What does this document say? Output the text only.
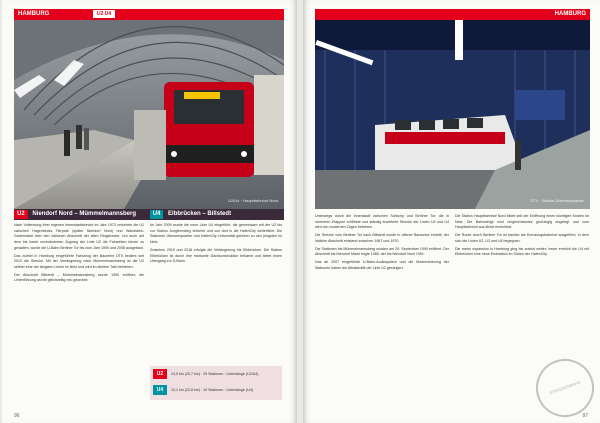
HAMBURG	U2 U4
U2/U4 · Hauptbahnhof Nord
U2 Niendorf Nord – Mümmelmannsberg	U4 Elbbrücken – Billstedt

Nach Vollendung ihrer eigenen Innenstadtstrecke im Jahr 1973 verkehrte die U2 zwischen Hagenbecks Tierpark (später Niendorf Nord) und Wandsbek-Gartenstadt über den östlichen Abschnitt der alten Ringstrecke. Um auch auf dem bis heute unveränderten Zugweg der Linie U2 die Fahrzeiten kürzer zu gestalten, wurde die U-Bahn Berliner Tor bis zum Jahr 1990 und 2008 ausgebaut.

Das zuletzt in Hamburg eingeführte Fahrzeug der Baureihe DT5 bedient seit 2012 die Strecke. Mit der Verlängerung nach Mümmelmannsberg ist die U2 seither eine der längsten Linien im Netz und wird im dichten Takt betrieben.

Der Abschnitt Billstedt – Mümmelmannsberg wurde 1990 eröffnet; die Linienführung wurde gleichzeitig neu geordnet.

Im Jahr 2009 wurde die neue Linie U4 eingeführt, die gemeinsam mit der U2 bis zur Station Jungfernstieg verkehrt und von dort in die HafenCity weiterfährt. Die Stationen Überseequartier und HafenCity Universität gehören zu den jüngsten im Netz.

Zwischen 2015 und 2018 erfolgte die Verlängerung bis Elbbrücken. Die Station Elbbrücken ist durch ihre markante Dachkonstruktion bekannt und bietet einen Übergang zur S-Bahn.

U2	24,5 km (25,7 km) · 25 Stationen · Linienlänge (U2/U4)
U4	12,1 km (22,6 km) · 10 Stationen · Linienlänge (U4)
96
HAMBURG
DT4 · Station Überseequartier

Unterwegs durch die Innenstadt zwischen Schlump und Berliner Tor: die in mehreren Etappen eröffnete und ständig erweiterte Strecke der Linien U2 und U4 wird von modernen Zügen befahren.

Die Strecke vom Berliner Tor nach Billstedt wurde in offener Bauweise erstellt; der östliche Abschnitt entstand zwischen 1967 und 1970.

Die Stationen bis Mümmelmannsberg wurden am 29. September 1990 eröffnet. Der Abschnitt bis Niendorf Markt folgte 1985, der bis Niendorf Nord 1991.

Das ab 2007 eingeführte U-Bahn-Audiosystem und die Modernisierung der Stationen haben die Attraktivität der Linie U2 gesteigert.

Die Station Hauptbahnhof Nord bildet seit der Eröffnung einen wichtigen Knoten im Netz. Die Bahnsteige sind vergleichsweise großzügig angelegt und vom Hauptbahnhof aus direkt erreichbar.

Die Route durch Berliner Tor ist baulich als Kreuzungsbahnhof ausgeführt, in dem sich die Linien U2, U3 und U4 begegnen.

Die metro expansion in Hamburg ging bis zuletzt weiter; heute erreicht die U4 mit Elbbrücken eine neue Endstation im Süden der HafenCity.

STRASSENBAHN
97
